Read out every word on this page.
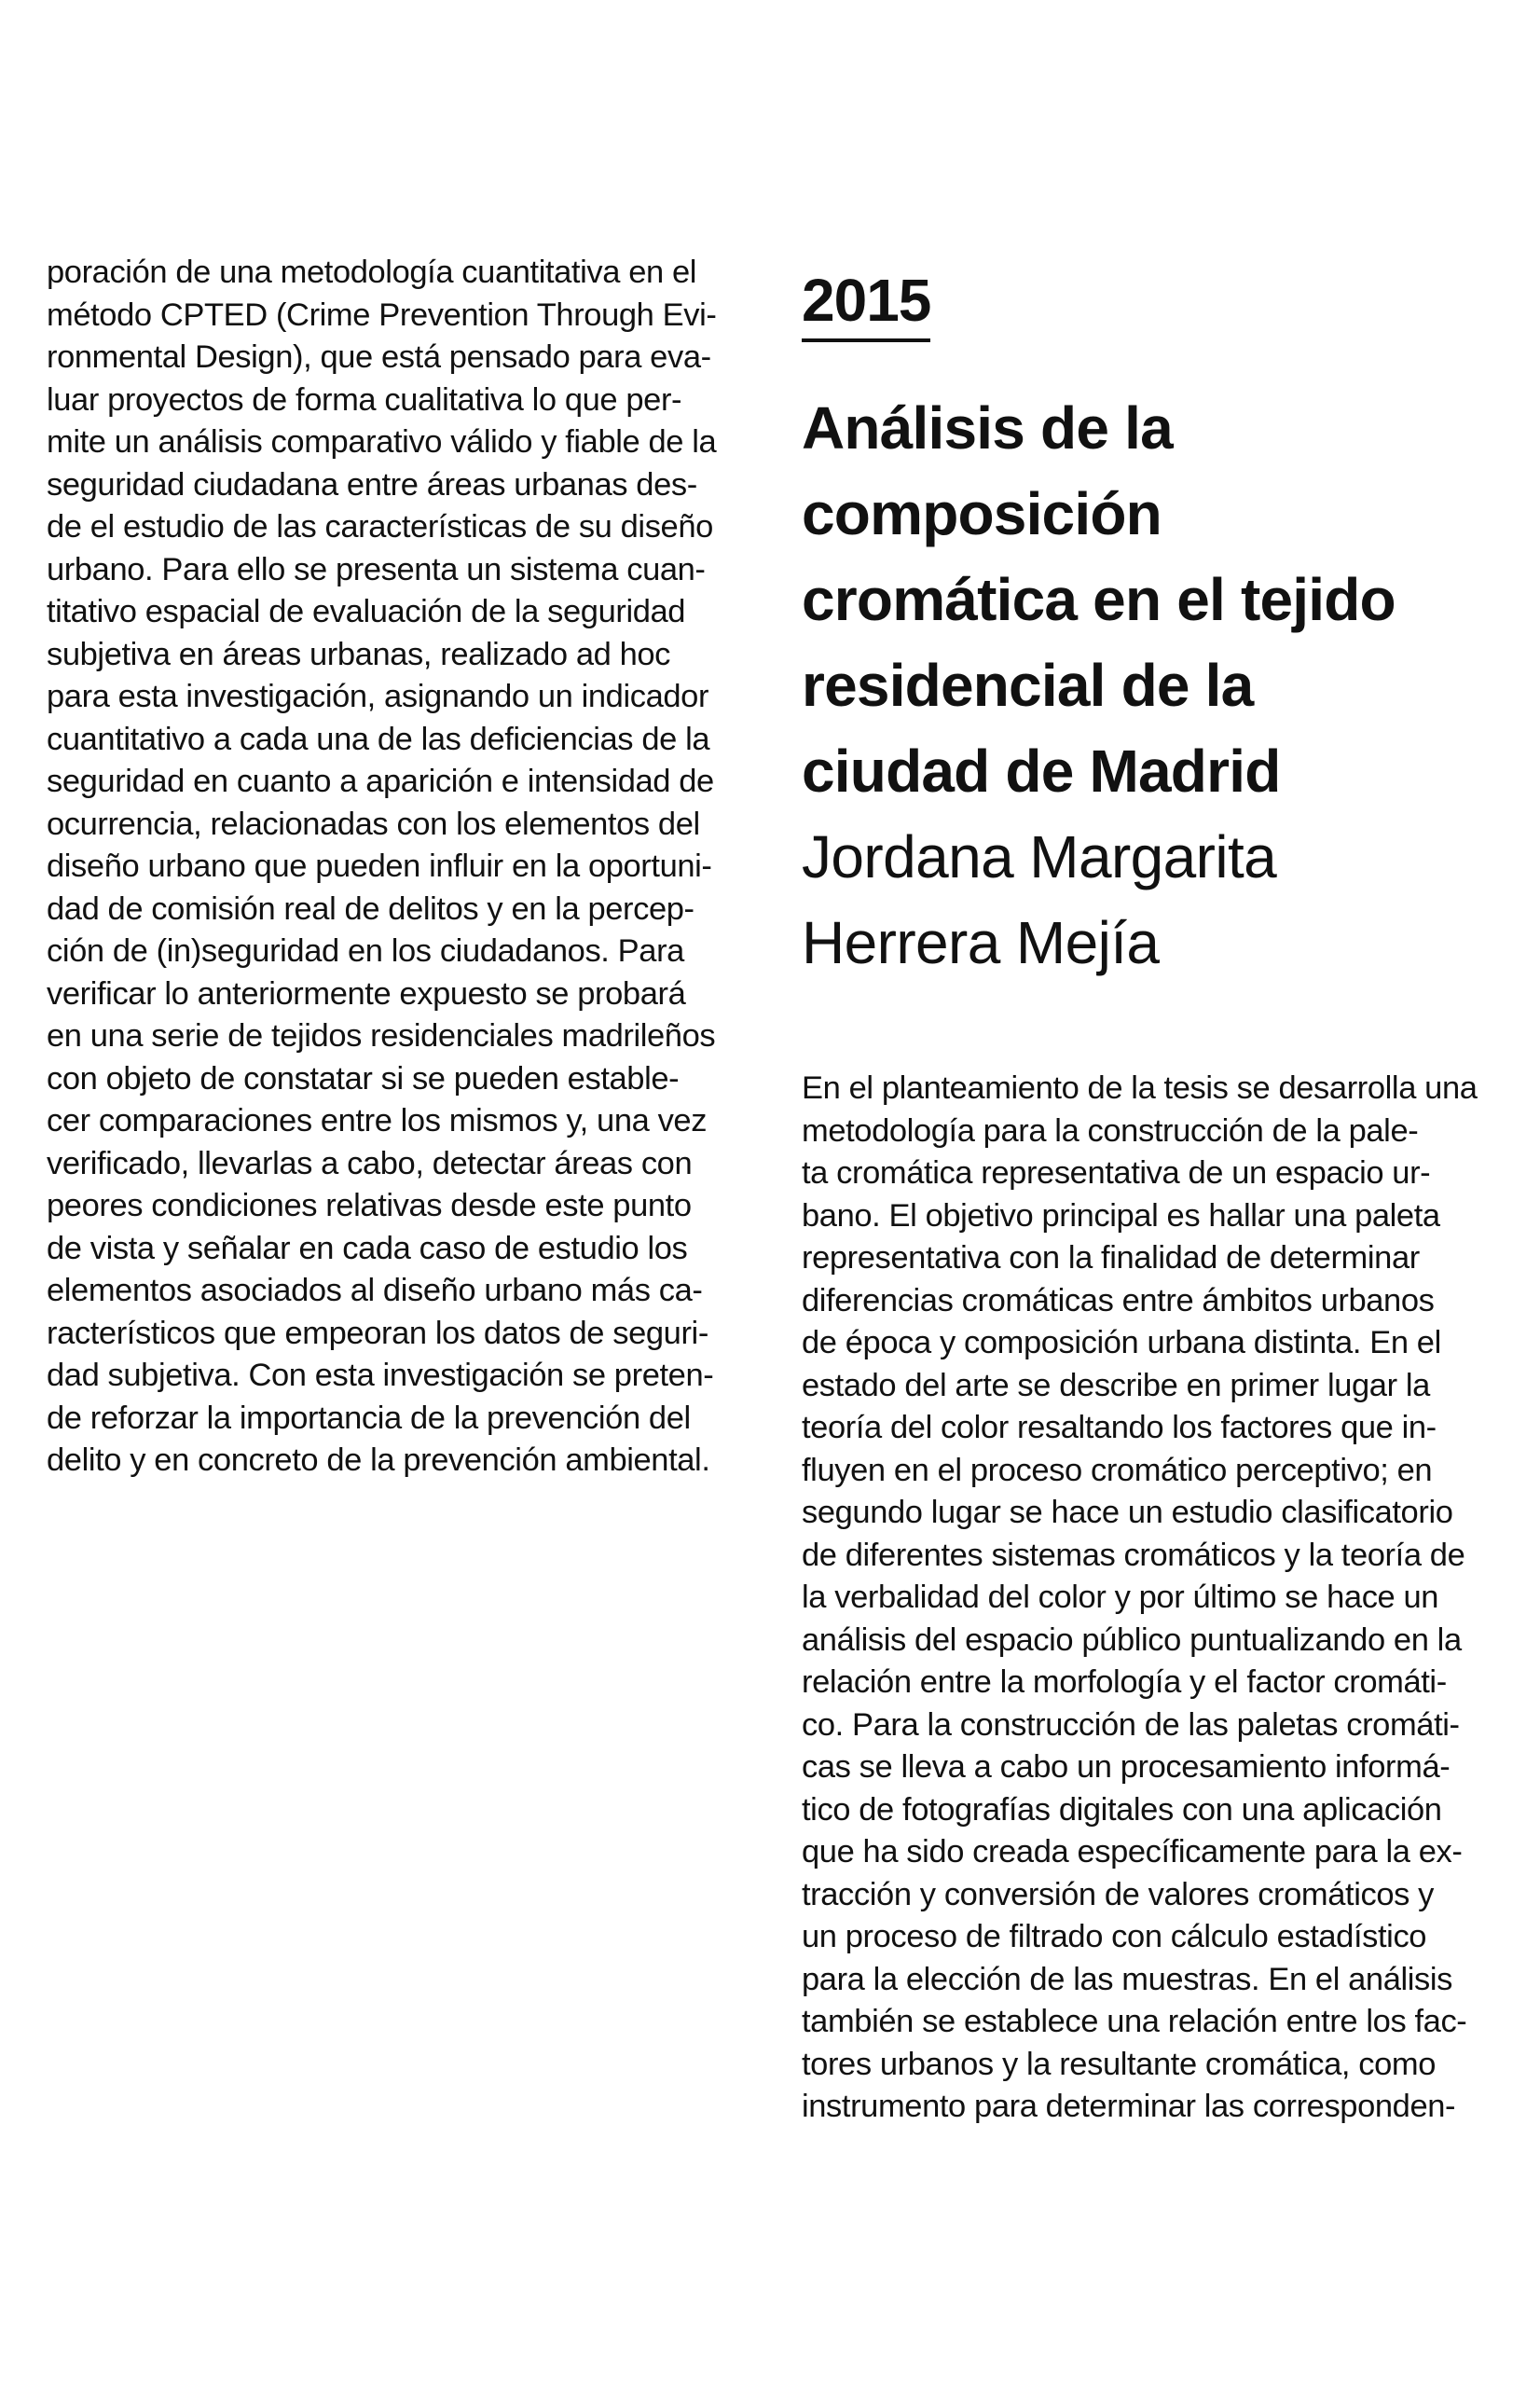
poración de una metodología cuantitativa en el
método CPTED (Crime Prevention Through Evi-
ronmental Design), que está pensado para eva-
luar proyectos de forma cualitativa lo que per-
mite un análisis comparativo válido y fiable de la
seguridad ciudadana entre áreas urbanas des-
de el estudio de las características de su diseño
urbano. Para ello se presenta un sistema cuan-
titativo espacial de evaluación de la seguridad
subjetiva en áreas urbanas, realizado ad hoc
para esta investigación, asignando un indicador
cuantitativo a cada una de las deficiencias de la
seguridad en cuanto a aparición e intensidad de
ocurrencia, relacionadas con los elementos del
diseño urbano que pueden influir en la oportuni-
dad de comisión real de delitos y en la percep-
ción de (in)seguridad en los ciudadanos. Para
verificar lo anteriormente expuesto se probará
en una serie de tejidos residenciales madrileños
con objeto de constatar si se pueden estable-
cer comparaciones entre los mismos y, una vez
verificado, llevarlas a cabo, detectar áreas con
peores condiciones relativas desde este punto
de vista y señalar en cada caso de estudio los
elementos asociados al diseño urbano más ca-
racterísticos que empeoran los datos de seguri-
dad subjetiva. Con esta investigación se preten-
de reforzar la importancia de la prevención del
delito y en concreto de la prevención ambiental.
2015
Análisis de la
composición
cromática en el tejido
residencial de la
ciudad de Madrid
Jordana Margarita
Herrera Mejía
En el planteamiento de la tesis se desarrolla una
metodología para la construcción de la pale-
ta cromática representativa de un espacio ur-
bano. El objetivo principal es hallar una paleta
representativa con la finalidad de determinar
diferencias cromáticas entre ámbitos urbanos
de época y composición urbana distinta. En el
estado del arte se describe en primer lugar la
teoría del color resaltando los factores que in-
fluyen en el proceso cromático perceptivo; en
segundo lugar se hace un estudio clasificatorio
de diferentes sistemas cromáticos y la teoría de
la verbalidad del color y por último se hace un
análisis del espacio público puntualizando en la
relación entre la morfología y el factor cromáti-
co. Para la construcción de las paletas cromáti-
cas se lleva a cabo un procesamiento informá-
tico de fotografías digitales con una aplicación
que ha sido creada específicamente para la ex-
tracción y conversión de valores cromáticos y
un proceso de filtrado con cálculo estadístico
para la elección de las muestras. En el análisis
también se establece una relación entre los fac-
tores urbanos y la resultante cromática, como
instrumento para determinar las corresponden-
